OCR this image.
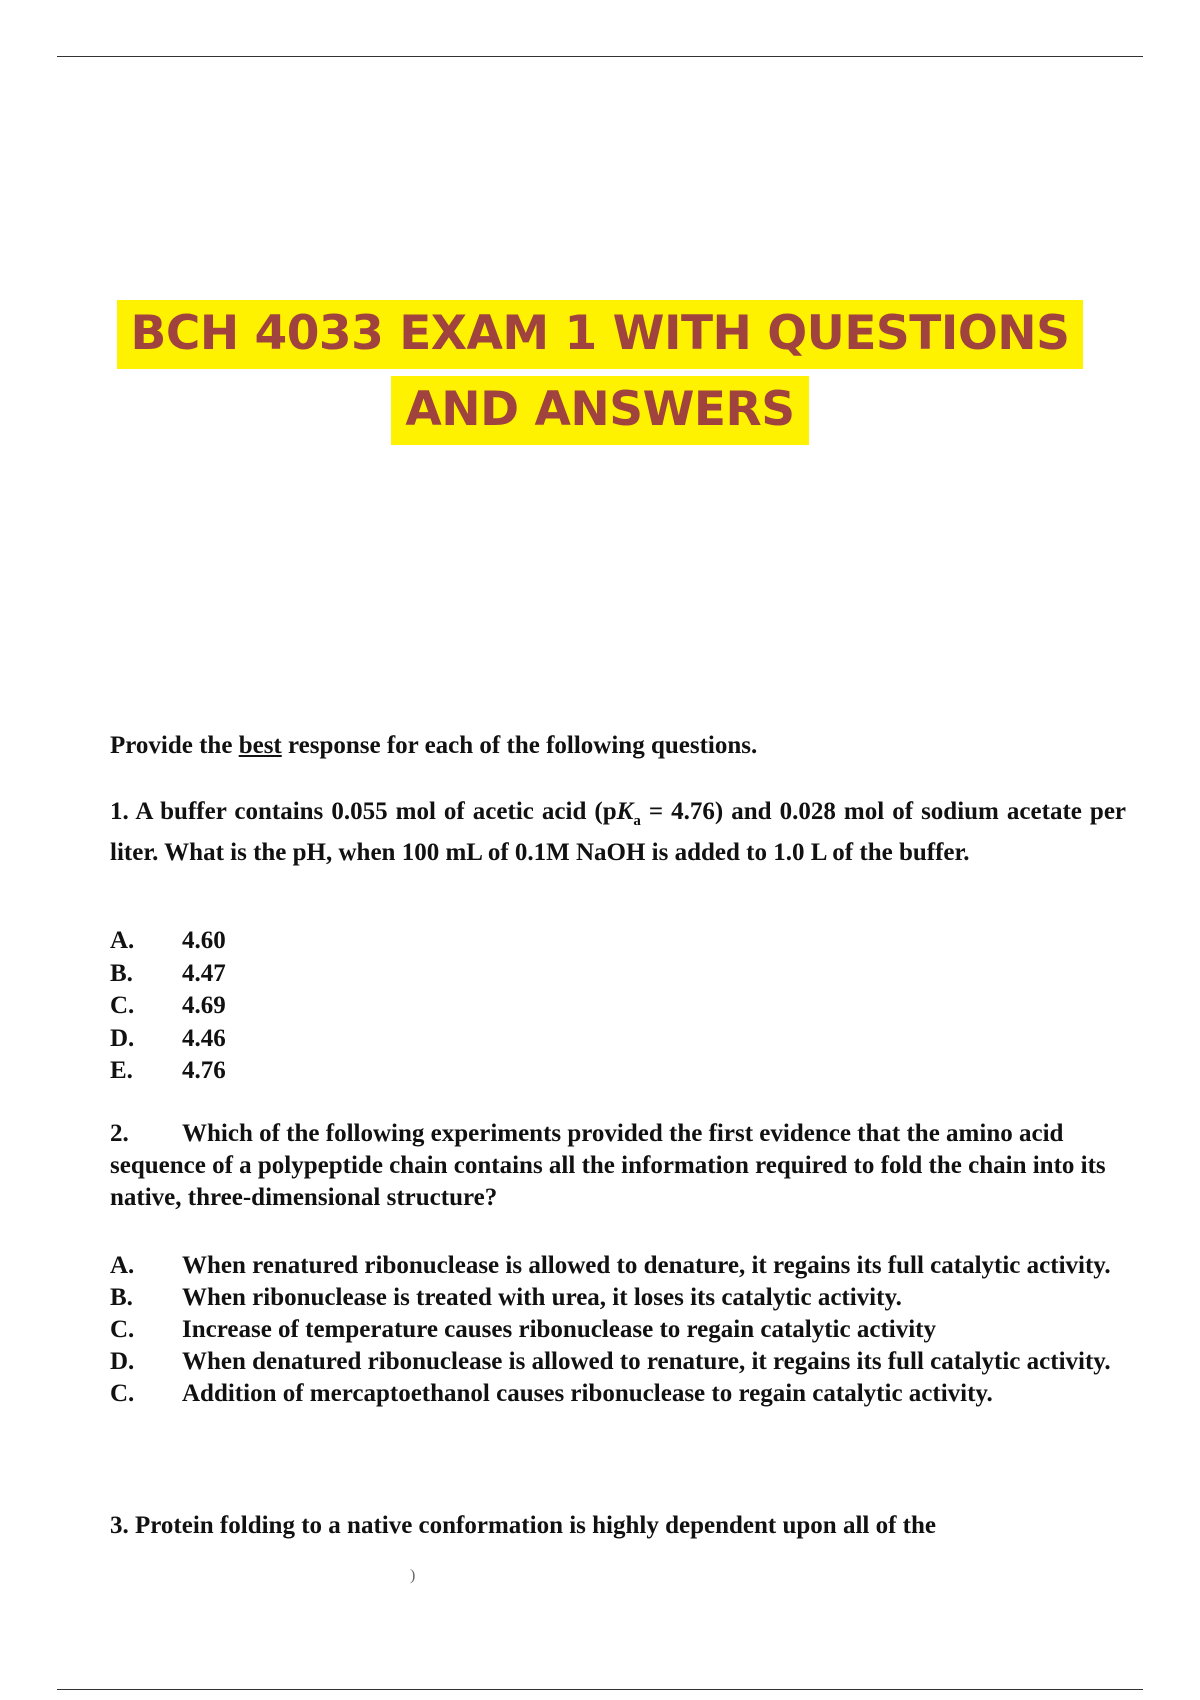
BCH 4033 EXAM 1 WITH QUESTIONS
AND ANSWERS
Provide the best response for each of the following questions.
1. A buffer contains 0.055 mol of acetic acid $(pK_a = 4.76)$ and 0.028 mol of sodium acetate per liter. What is the pH, when 100 mL of 0.1M NaOH is added to 1.0 L of the buffer.
A.	4.60
B.	4.47
C.	4.69
D.	4.46
E.	4.76
2. Which of the following experiments provided the first evidence that the amino acid sequence of a polypeptide chain contains all the information required to fold the chain into its native, three-dimensional structure?
A.	When renatured ribonuclease is allowed to denature, it regains its full catalytic activity.
B.	When ribonuclease is treated with urea, it loses its catalytic activity.
C.	Increase of temperature causes ribonuclease to regain catalytic activity
D.	When denatured ribonuclease is allowed to renature, it regains its full catalytic activity.
C.	Addition of mercaptoethanol causes ribonuclease to regain catalytic activity.
3. Protein folding to a native conformation is highly dependent upon all of the
)
